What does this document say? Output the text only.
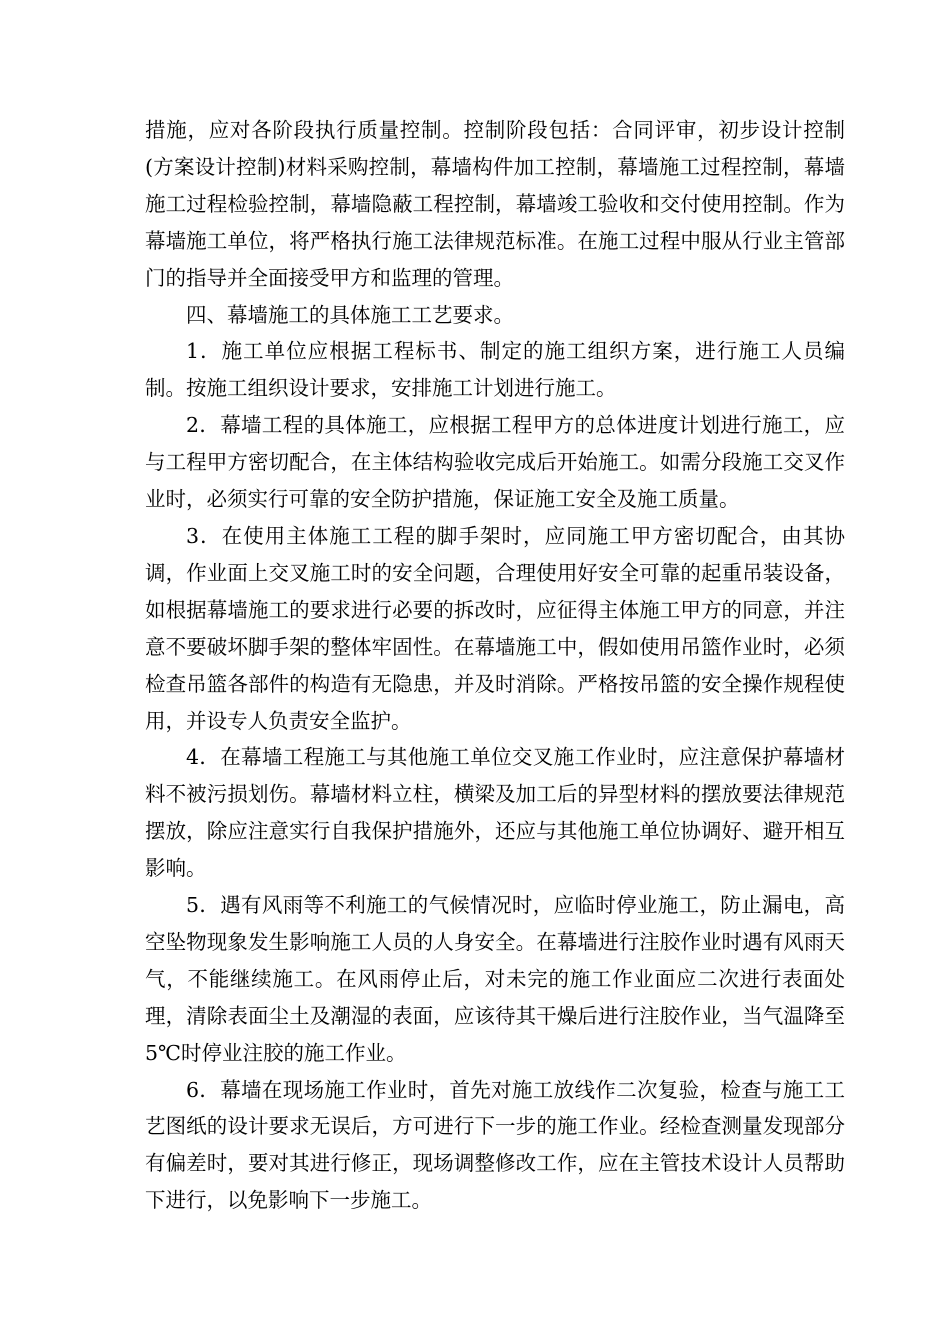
措施，应对各阶段执行质量控制。控制阶段包括：合同评审，初步设计控制(方案设计控制)材料采购控制，幕墙构件加工控制，幕墙施工过程控制，幕墙施工过程检验控制，幕墙隐蔽工程控制，幕墙竣工验收和交付使用控制。作为幕墙施工单位，将严格执行施工法律规范标准。在施工过程中服从行业主管部门的指导并全面接受甲方和监理的管理。

四、幕墙施工的具体施工工艺要求。

1．施工单位应根据工程标书、制定的施工组织方案，进行施工人员编制。按施工组织设计要求，安排施工计划进行施工。

2．幕墙工程的具体施工，应根据工程甲方的总体进度计划进行施工，应与工程甲方密切配合，在主体结构验收完成后开始施工。如需分段施工交叉作业时，必须实行可靠的安全防护措施，保证施工安全及施工质量。

3．在使用主体施工工程的脚手架时，应同施工甲方密切配合，由其协调，作业面上交叉施工时的安全问题，合理使用好安全可靠的起重吊装设备，如根据幕墙施工的要求进行必要的拆改时，应征得主体施工甲方的同意，并注意不要破坏脚手架的整体牢固性。在幕墙施工中，假如使用吊篮作业时，必须检查吊篮各部件的构造有无隐患，并及时消除。严格按吊篮的安全操作规程使用，并设专人负责安全监护。

4．在幕墙工程施工与其他施工单位交叉施工作业时，应注意保护幕墙材料不被污损划伤。幕墙材料立柱，横梁及加工后的异型材料的摆放要法律规范摆放，除应注意实行自我保护措施外，还应与其他施工单位协调好、避开相互影响。

5．遇有风雨等不利施工的气候情况时，应临时停业施工，防止漏电，高空坠物现象发生影响施工人员的人身安全。在幕墙进行注胶作业时遇有风雨天气，不能继续施工。在风雨停止后，对未完的施工作业面应二次进行表面处理，清除表面尘土及潮湿的表面，应该待其干燥后进行注胶作业，当气温降至 5℃时停业注胶的施工作业。

6．幕墙在现场施工作业时，首先对施工放线作二次复验，检查与施工工艺图纸的设计要求无误后，方可进行下一步的施工作业。经检查测量发现部分有偏差时，要对其进行修正，现场调整修改工作，应在主管技术设计人员帮助下进行，以免影响下一步施工。
